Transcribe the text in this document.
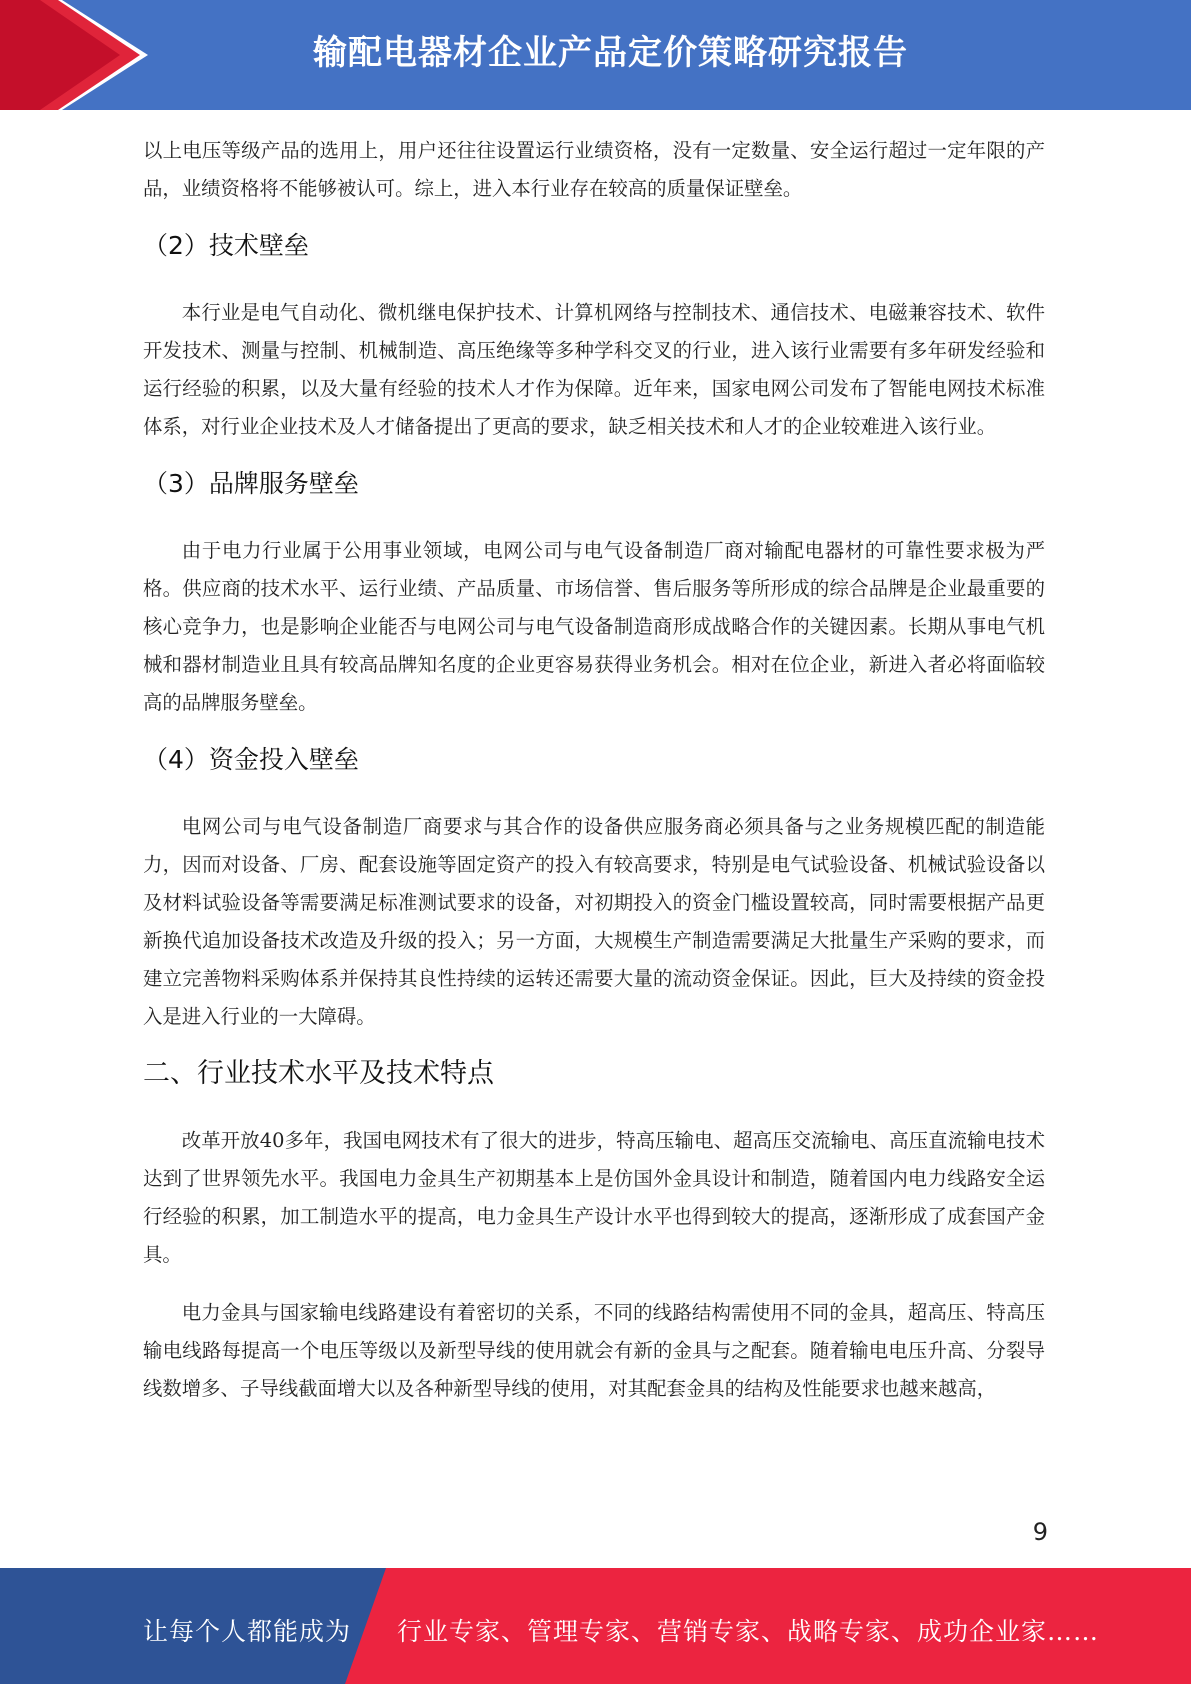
输配电器材企业产品定价策略研究报告

以上电压等级产品的选用上，用户还往往设置运行业绩资格，没有一定数量、安全运行超过一定年限的产品，业绩资格将不能够被认可。综上，进入本行业存在较高的质量保证壁垒。

（2）技术壁垒

本行业是电气自动化、微机继电保护技术、计算机网络与控制技术、通信技术、电磁兼容技术、软件开发技术、测量与控制、机械制造、高压绝缘等多种学科交叉的行业，进入该行业需要有多年研发经验和运行经验的积累，以及大量有经验的技术人才作为保障。近年来，国家电网公司发布了智能电网技术标准体系，对行业企业技术及人才储备提出了更高的要求，缺乏相关技术和人才的企业较难进入该行业。

（3）品牌服务壁垒

由于电力行业属于公用事业领域，电网公司与电气设备制造厂商对输配电器材的可靠性要求极为严格。供应商的技术水平、运行业绩、产品质量、市场信誉、售后服务等所形成的综合品牌是企业最重要的核心竞争力，也是影响企业能否与电网公司与电气设备制造商形成战略合作的关键因素。长期从事电气机械和器材制造业且具有较高品牌知名度的企业更容易获得业务机会。相对在位企业，新进入者必将面临较高的品牌服务壁垒。

（4）资金投入壁垒

电网公司与电气设备制造厂商要求与其合作的设备供应服务商必须具备与之业务规模匹配的制造能力，因而对设备、厂房、配套设施等固定资产的投入有较高要求，特别是电气试验设备、机械试验设备以及材料试验设备等需要满足标准测试要求的设备，对初期投入的资金门槛设置较高，同时需要根据产品更新换代追加设备技术改造及升级的投入；另一方面，大规模生产制造需要满足大批量生产采购的要求，而建立完善物料采购体系并保持其良性持续的运转还需要大量的流动资金保证。因此，巨大及持续的资金投入是进入行业的一大障碍。

二、行业技术水平及技术特点

改革开放40多年，我国电网技术有了很大的进步，特高压输电、超高压交流输电、高压直流输电技术达到了世界领先水平。我国电力金具生产初期基本上是仿国外金具设计和制造，随着国内电力线路安全运行经验的积累，加工制造水平的提高，电力金具生产设计水平也得到较大的提高，逐渐形成了成套国产金具。

电力金具与国家输电线路建设有着密切的关系，不同的线路结构需使用不同的金具，超高压、特高压输电线路每提高一个电压等级以及新型导线的使用就会有新的金具与之配套。随着输电电压升高、分裂导线数增多、子导线截面增大以及各种新型导线的使用，对其配套金具的结构及性能要求也越来越高，

9
让每个人都能成为 行业专家、管理专家、营销专家、战略专家、成功企业家……
